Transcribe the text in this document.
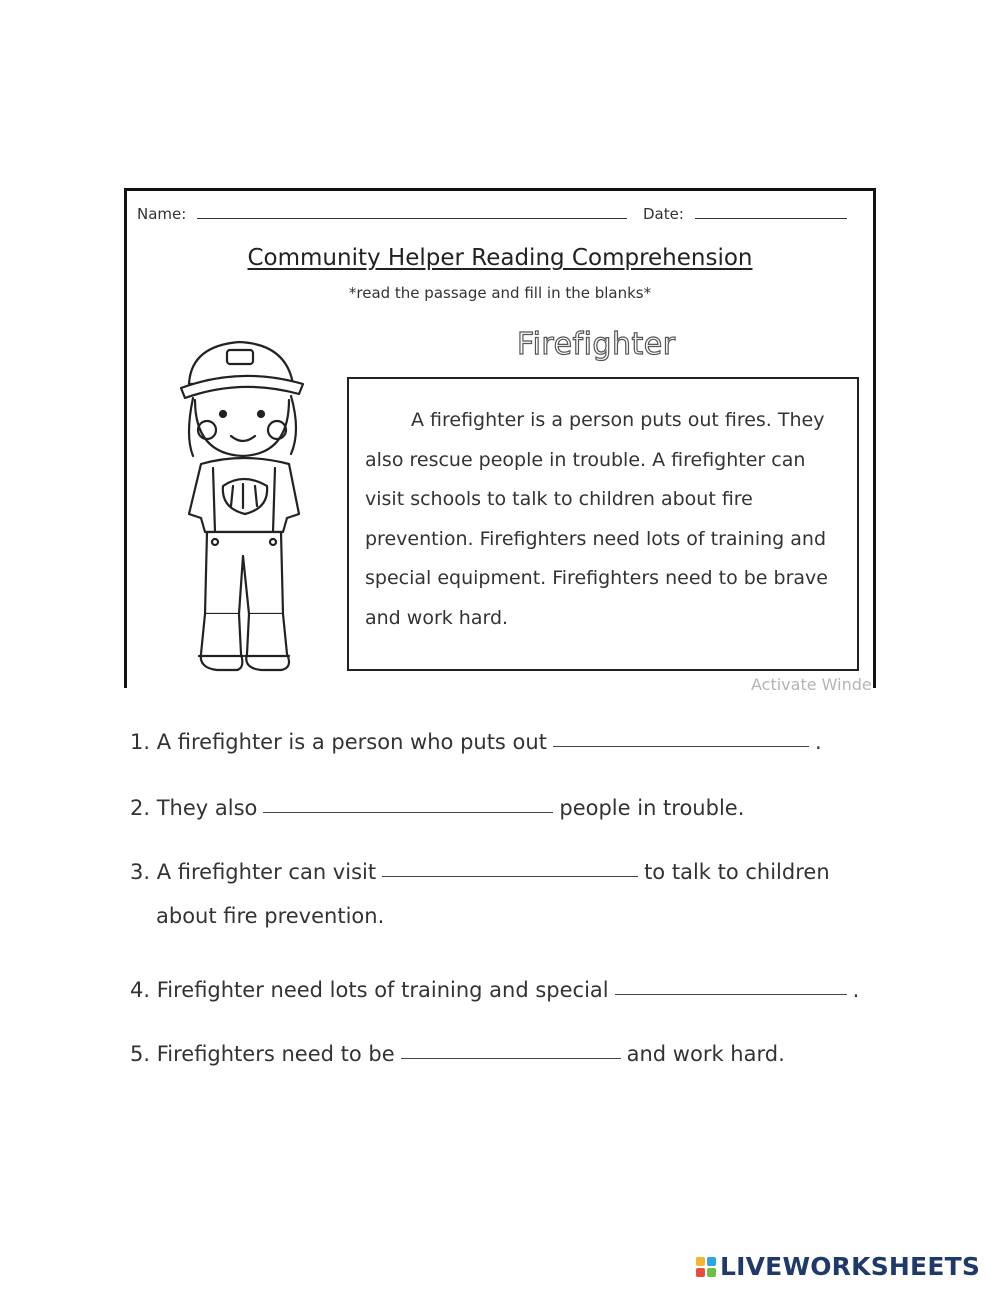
Name:	Date:
Community Helper Reading Comprehension
*read the passage and fill in the blanks*
Firefighter

A firefighter is a person puts out fires. They also rescue people in trouble. A firefighter can visit schools to talk to children about fire prevention. Firefighters need lots of training and special equipment. Firefighters need to be brave and work hard.

Activate Winde
1. A firefighter is a person who puts out	.
2. They also	people in trouble.
3. A firefighter can visit	to talk to children
about fire prevention.
4. Firefighter need lots of training and special	.
5. Firefighters need to be	and work hard.
LIVEWORKSHEETS
